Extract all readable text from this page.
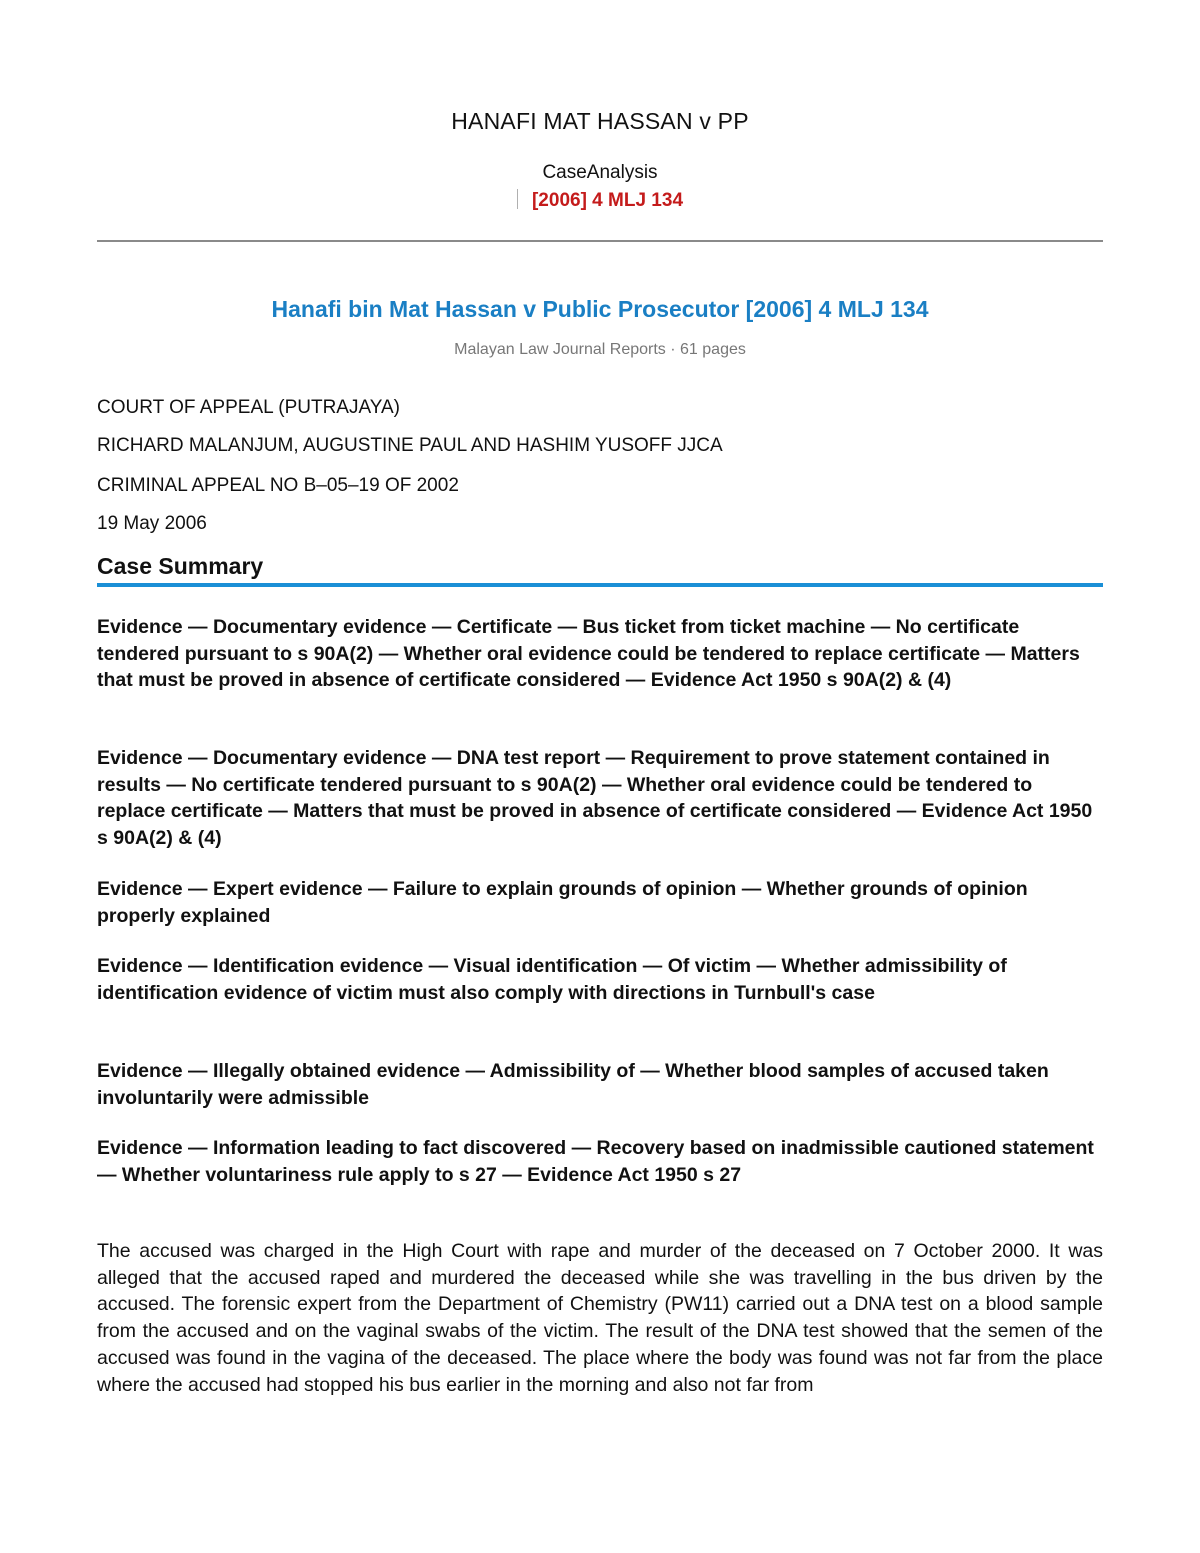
HANAFI MAT HASSAN v PP
CaseAnalysis
[2006] 4 MLJ 134
Hanafi bin Mat Hassan v Public Prosecutor [2006] 4 MLJ 134
Malayan Law Journal Reports · 61 pages
COURT OF APPEAL (PUTRAJAYA)
RICHARD MALANJUM, AUGUSTINE PAUL AND HASHIM YUSOFF JJCA
CRIMINAL APPEAL NO B–05–19 OF 2002
19 May 2006
Case Summary
Evidence — Documentary evidence — Certificate — Bus ticket from ticket machine — No certificate tendered pursuant to s 90A(2) — Whether oral evidence could be tendered to replace certificate — Matters that must be proved in absence of certificate considered — Evidence Act 1950 s 90A(2) & (4)
Evidence — Documentary evidence — DNA test report — Requirement to prove statement contained in results — No certificate tendered pursuant to s 90A(2) — Whether oral evidence could be tendered to replace certificate — Matters that must be proved in absence of certificate considered — Evidence Act 1950 s 90A(2) & (4)
Evidence — Expert evidence — Failure to explain grounds of opinion — Whether grounds of opinion properly explained
Evidence — Identification evidence — Visual identification — Of victim — Whether admissibility of identification evidence of victim must also comply with directions in Turnbull's case
Evidence — Illegally obtained evidence — Admissibility of — Whether blood samples of accused taken involuntarily were admissible
Evidence — Information leading to fact discovered — Recovery based on inadmissible cautioned statement — Whether voluntariness rule apply to s 27 — Evidence Act 1950 s 27
The accused was charged in the High Court with rape and murder of the deceased on 7 October 2000. It was alleged that the accused raped and murdered the deceased while she was travelling in the bus driven by the accused. The forensic expert from the Department of Chemistry (PW11) carried out a DNA test on a blood sample from the accused and on the vaginal swabs of the victim. The result of the DNA test showed that the semen of the accused was found in the vagina of the deceased. The place where the body was found was not far from the place where the accused had stopped his bus earlier in the morning and also not far from
